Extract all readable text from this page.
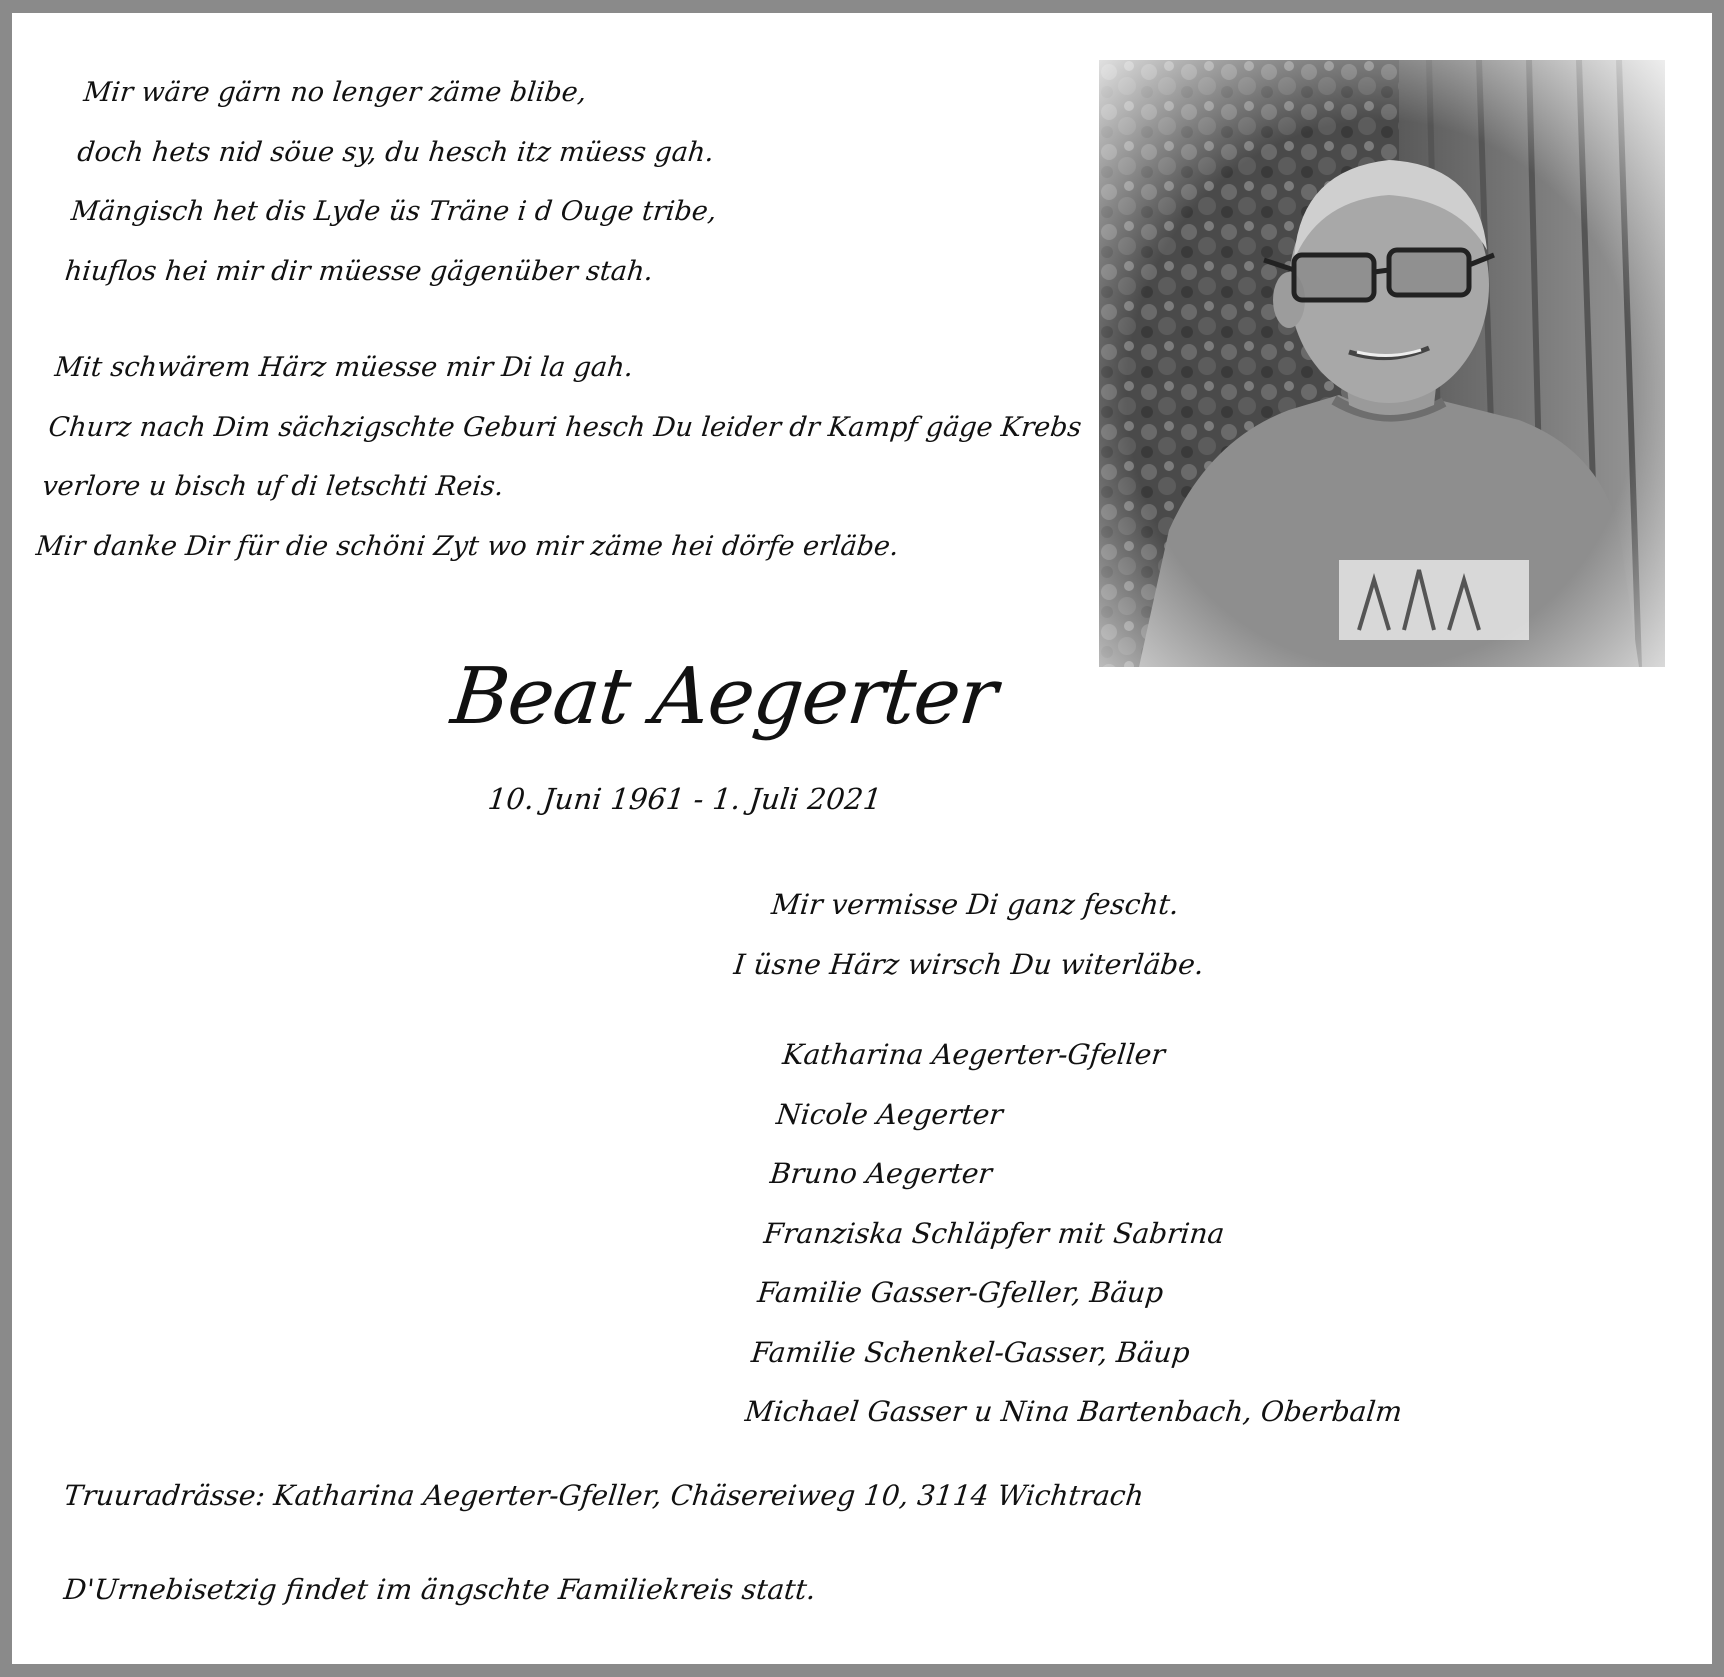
Mir wäre gärn no lenger zäme blibe,
doch hets nid söue sy, du hesch itz müess gah.
Mängisch het dis Lyde üs Träne i d Ouge tribe,
hiuflos hei mir dir müesse gägenüber stah.
Mit schwärem Härz müesse mir Di la gah.
Churz nach Dim sächzigschte Geburi hesch Du leider dr Kampf gäge Krebs
verlore u bisch uf di letschti Reis.
Mir danke Dir für die schöni Zyt wo mir zäme hei dörfe erläbe.
Beat Aegerter
10. Juni 1961 - 1. Juli 2021
Mir vermisse Di ganz fescht.
I üsne Härz wirsch Du witerläbe.
Katharina Aegerter-Gfeller
Nicole Aegerter
Bruno Aegerter
Franziska Schläpfer mit Sabrina
Familie Gasser-Gfeller, Bäup
Familie Schenkel-Gasser, Bäup
Michael Gasser u Nina Bartenbach, Oberbalm
Truuradrässe: Katharina Aegerter-Gfeller, Chäsereiweg 10, 3114 Wichtrach
D'Urnebisetzig findet im ängschte Familiekreis statt.
